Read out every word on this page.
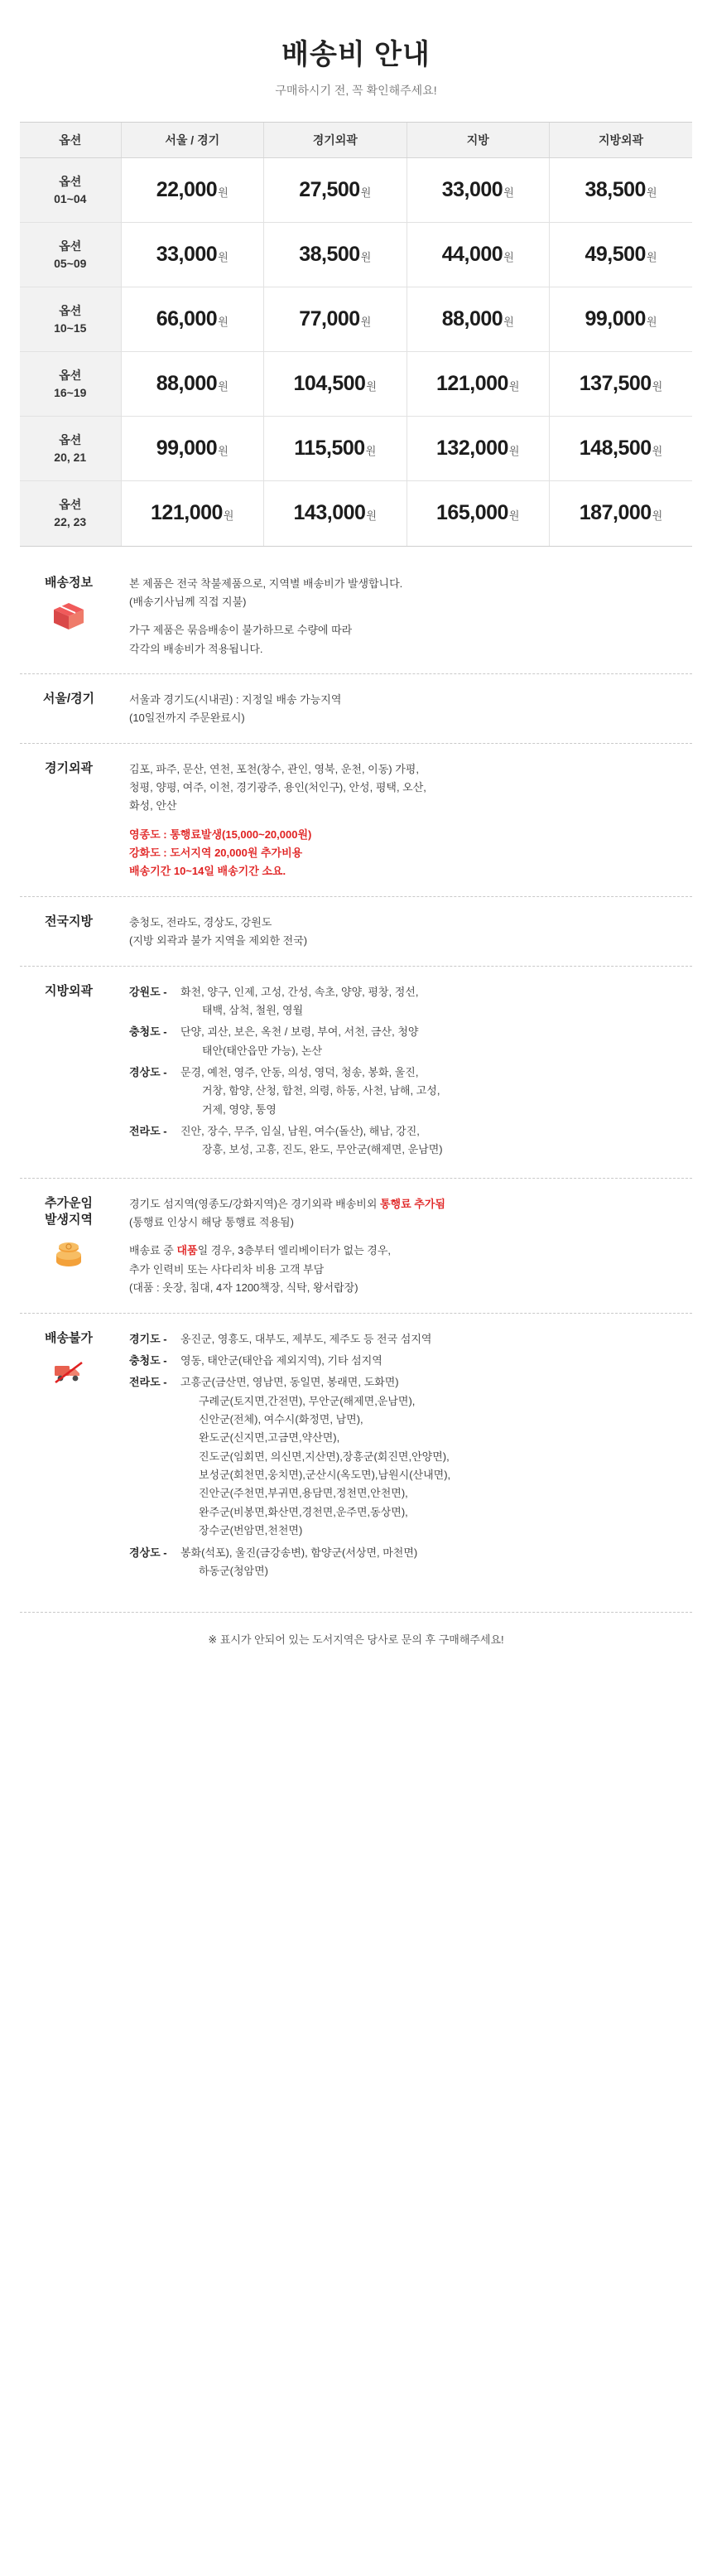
배송비 안내

구매하시기 전, 꼭 확인해주세요!

옵션	서울 / 경기	경기외곽	지방	지방외곽
옵션
01~04	22,000원	27,500원	33,000원	38,500원
옵션
05~09	33,000원	38,500원	44,000원	49,500원
옵션
10~15	66,000원	77,000원	88,000원	99,000원
옵션
16~19	88,000원	104,500원	121,000원	137,500원
옵션
20, 21	99,000원	115,500원	132,000원	148,500원
옵션
22, 23	121,000원	143,000원	165,000원	187,000원
배송정보	본 제품은 전국 착불제품으로, 지역별 배송비가 발생합니다.

(배송기사님께 직접 지불)

가구 제품은 묶음배송이 불가하므로 수량에 따라

각각의 배송비가 적용됩니다.

서울/경기	서울과 경기도(시내권) : 지정일 배송 가능지역

(10일전까지 주문완료시)

경기외곽	김포, 파주, 문산, 연천, 포천(창수, 관인, 영북, 운천, 이동) 가평,

청평, 양평, 여주, 이천, 경기광주, 용인(처인구), 안성, 평택, 오산,

화성, 안산

영종도 : 통행료발생(15,000~20,000원)

강화도 : 도서지역 20,000원 추가비용

배송기간 10~14일 배송기간 소요.

전국지방	충청도, 전라도, 경상도, 강원도

(지방 외곽과 불가 지역을 제외한 전국)

지방외곽	강원도 -	화천, 양구, 인제, 고성, 간성, 속초, 양양, 평창, 정선,
태백, 삼척, 철원, 영월
충청도 -	단양, 괴산, 보은, 옥천 / 보령, 부여, 서천, 금산, 청양
태안(태안읍만 가능), 논산
경상도 -	문경, 예천, 영주, 안동, 의성, 영덕, 청송, 봉화, 울진,
거창, 함양, 산청, 합천, 의령, 하동, 사천, 남해, 고성,
거제, 영양, 통영
전라도 -	진안, 장수, 무주, 임실, 남원, 여수(돌산), 해남, 강진,
장흥, 보성, 고흥, 진도, 완도, 무안군(해제면, 운남면)
추가운임
발생지역

경기도 섬지역(영종도/강화지역)은 경기외곽 배송비외 통행료 추가됨

(통행료 인상시 해당 통행료 적용됨)

배송료 중 대품일 경우, 3층부터 엘리베이터가 없는 경우,

추가 인력비 또는 사다리차 비용 고객 부담

(대품 : 옷장, 침대, 4자 1200책장, 식탁, 왕서랍장)

배송불가	경기도 -	옹진군, 영흥도, 대부도, 제부도, 제주도 등 전국 섬지역
충청도 -	영동, 태안군(태안읍 제외지역), 기타 섬지역
전라도 -	고흥군(금산면, 영남면, 동일면, 봉래면, 도화면)
구례군(토지면,간전면), 무안군(해제면,운남면),
신안군(전체), 여수시(화정면, 남면),
완도군(신지면,고금면,약산면),
진도군(임회면, 의신면,지산면),장흥군(회진면,안양면),
보성군(회천면,웅치면),군산시(옥도면),남원시(산내면),
진안군(주천면,부귀면,용담면,정천면,안천면),
완주군(비봉면,화산면,경천면,운주면,동상면),
장수군(번암면,천천면)
경상도 -	봉화(석포), 울진(금강송변), 함양군(서상면, 마천면)
하동군(청암면)
※ 표시가 안되어 있는 도서지역은 당사로 문의 후 구매해주세요!
